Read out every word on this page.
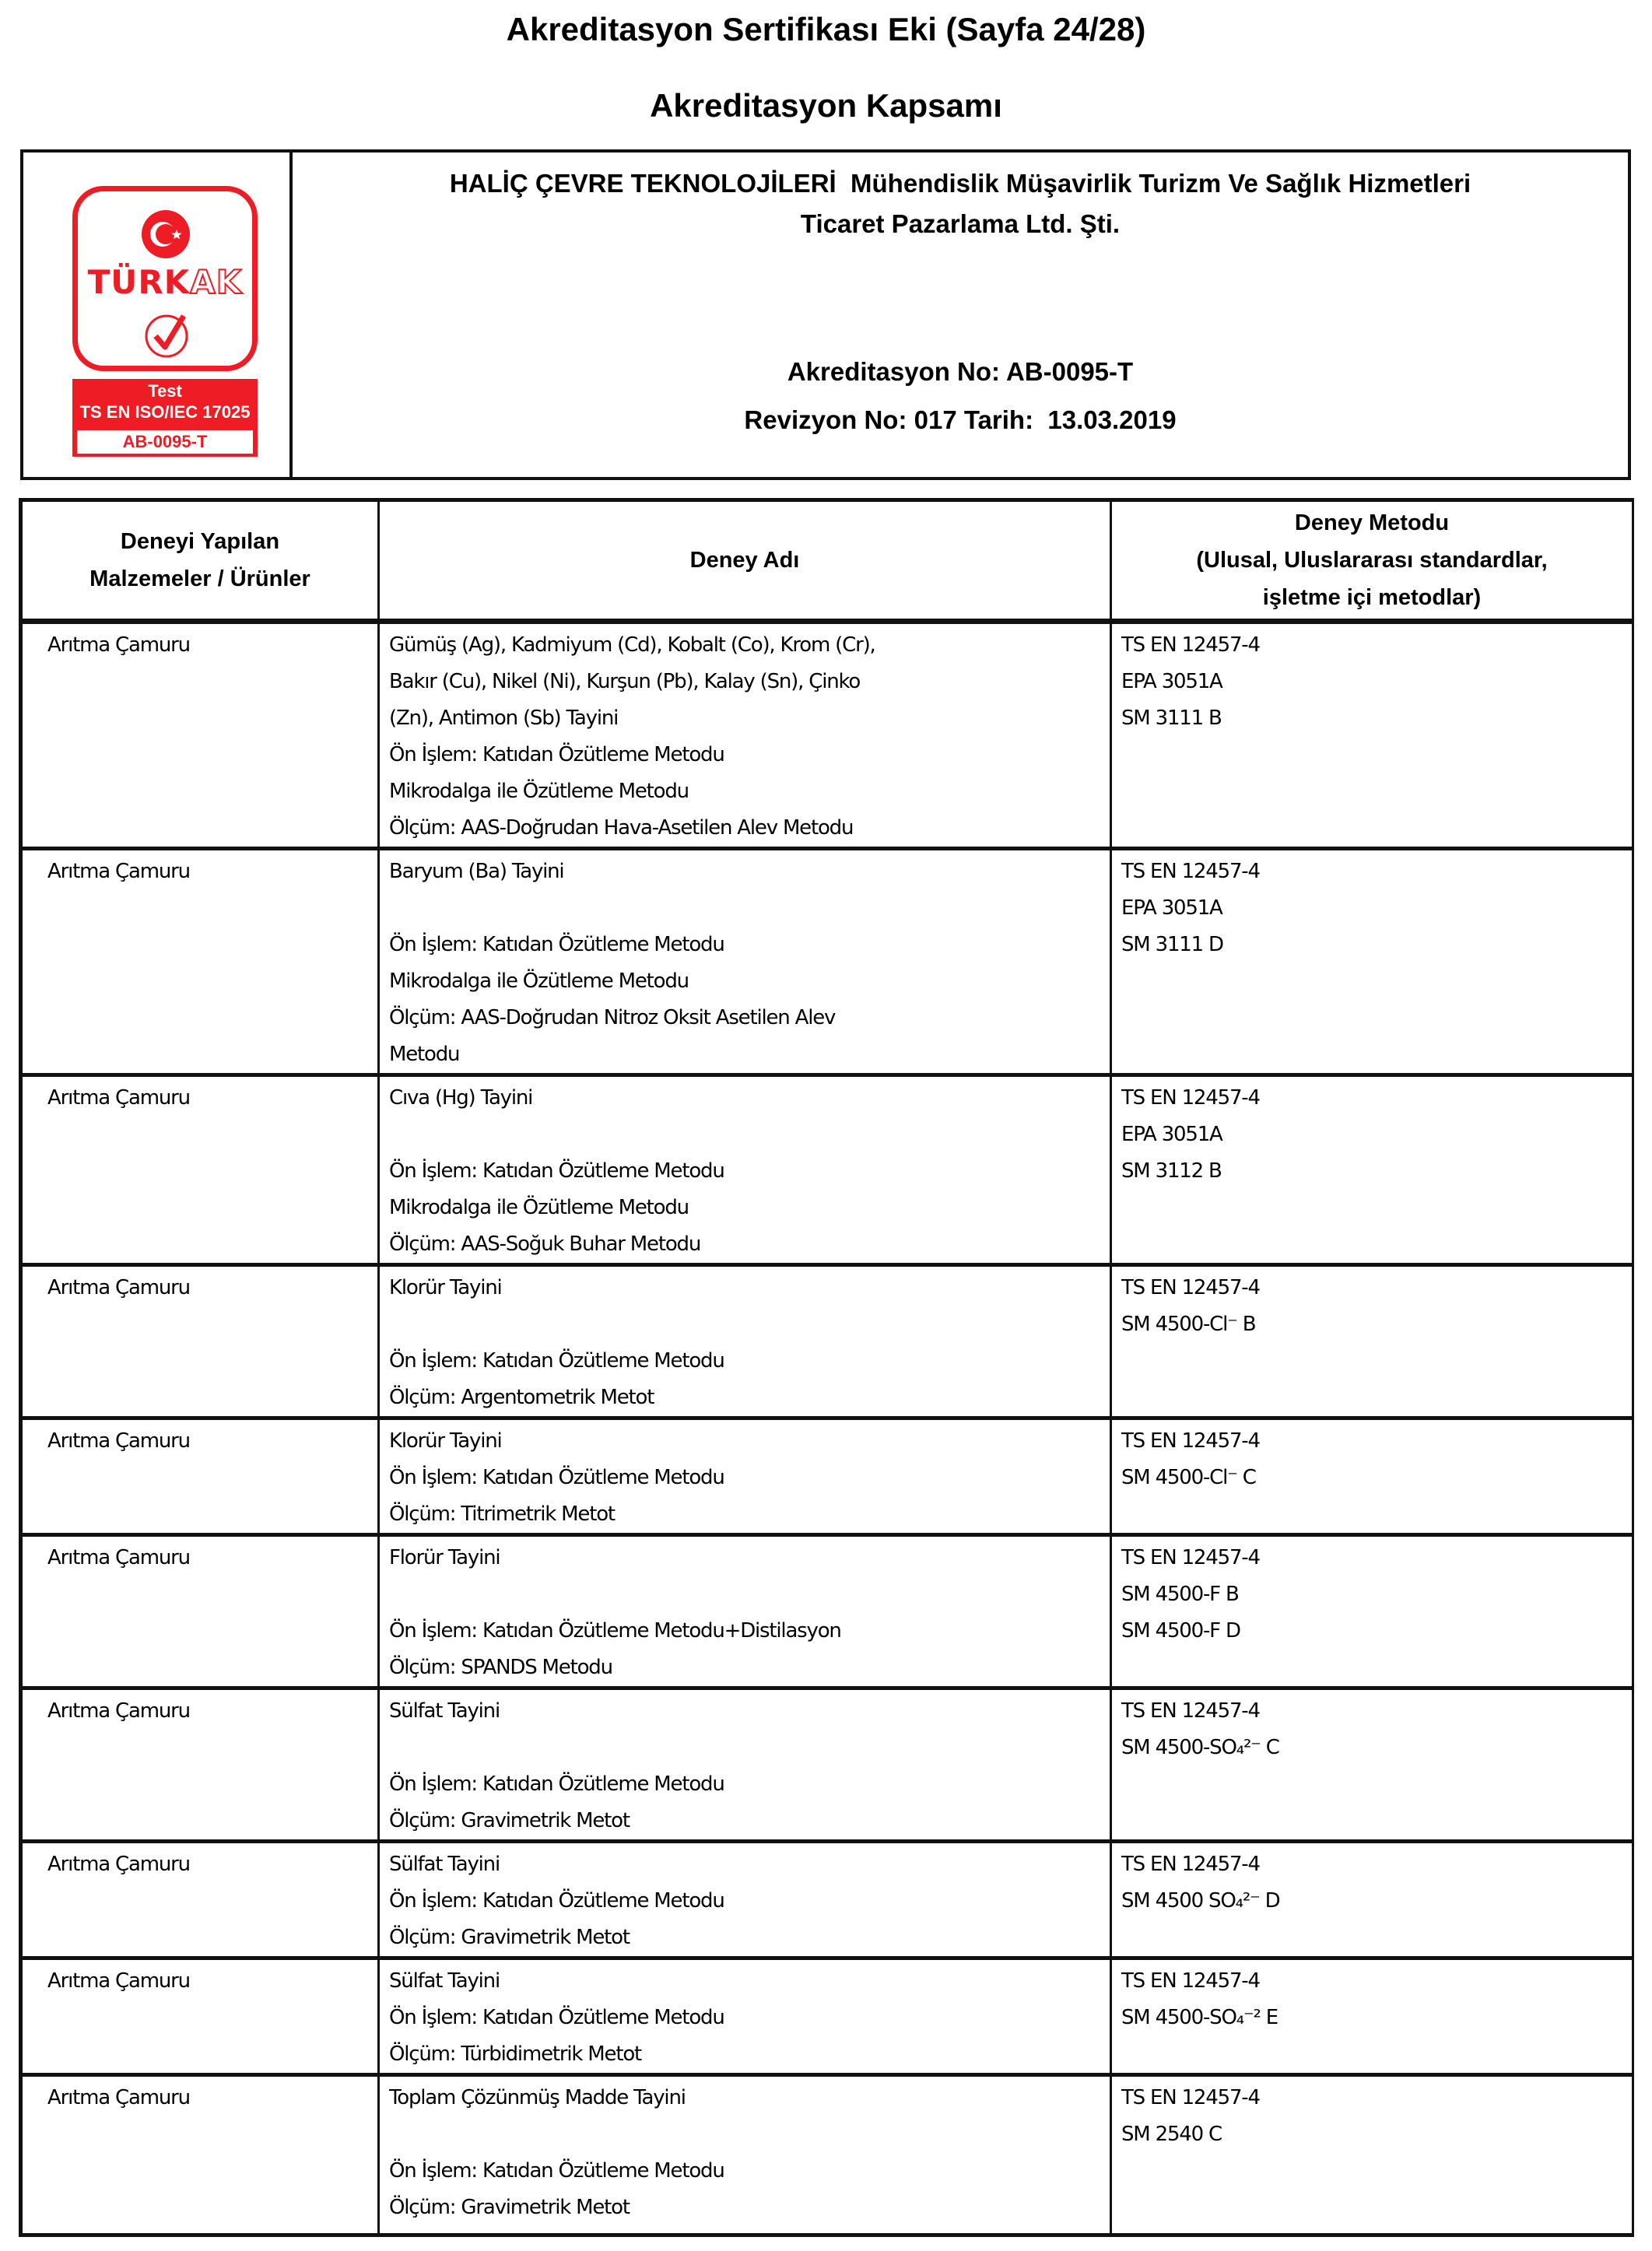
Akreditasyon Sertifikası Eki (Sayfa 24/28)
Akreditasyon Kapsamı
TÜRKAK
Test
TS EN ISO/IEC 17025
AB-0095-T
HALİÇ ÇEVRE TEKNOLOJİLERİ  Mühendislik Müşavirlik Turizm Ve Sağlık Hizmetleri
Ticaret Pazarlama Ltd. Şti.
Akreditasyon No: AB-0095-T
Revizyon No: 017 Tarih:  13.03.2019
Deneyi Yapılan
Malzemeler / Ürünler

Deney Adı

Deney Metodu
(Ulusal, Uluslararası standardlar,
işletme içi metodlar)

Arıtma Çamuru	Gümüş (Ag), Kadmiyum (Cd), Kobalt (Co), Krom (Cr),
Bakır (Cu), Nikel (Ni), Kurşun (Pb), Kalay (Sn), Çinko
(Zn), Antimon (Sb) Tayini
Ön İşlem: Katıdan Özütleme Metodu
Mikrodalga ile Özütleme Metodu
Ölçüm: AAS-Doğrudan Hava-Asetilen Alev Metodu

TS EN 12457-4
EPA 3051A
SM 3111 B

Arıtma Çamuru	Baryum (Ba) Tayini
Ön İşlem: Katıdan Özütleme Metodu
Mikrodalga ile Özütleme Metodu
Ölçüm: AAS-Doğrudan Nitroz Oksit Asetilen Alev
Metodu	TS EN 12457-4
EPA 3051A
SM 3111 D

Arıtma Çamuru	Cıva (Hg) Tayini
Ön İşlem: Katıdan Özütleme Metodu
Mikrodalga ile Özütleme Metodu
Ölçüm: AAS-Soğuk Buhar Metodu	TS EN 12457-4
EPA 3051A
SM 3112 B

Arıtma Çamuru	Klorür Tayini
Ön İşlem: Katıdan Özütleme Metodu
Ölçüm: Argentometrik Metot	TS EN 12457-4
SM 4500-Cl⁻ B

Arıtma Çamuru	Klorür Tayini
Ön İşlem: Katıdan Özütleme Metodu
Ölçüm: Titrimetrik Metot	TS EN 12457-4
SM 4500-Cl⁻ C

Arıtma Çamuru	Florür Tayini
Ön İşlem: Katıdan Özütleme Metodu+Distilasyon
Ölçüm: SPANDS Metodu	TS EN 12457-4
SM 4500-F B
SM 4500-F D

Arıtma Çamuru	Sülfat Tayini
Ön İşlem: Katıdan Özütleme Metodu
Ölçüm: Gravimetrik Metot	TS EN 12457-4
SM 4500-SO₄²⁻ C

Arıtma Çamuru	Sülfat Tayini
Ön İşlem: Katıdan Özütleme Metodu
Ölçüm: Gravimetrik Metot	TS EN 12457-4
SM 4500 SO₄²⁻ D

Arıtma Çamuru	Sülfat Tayini
Ön İşlem: Katıdan Özütleme Metodu
Ölçüm: Türbidimetrik Metot	TS EN 12457-4
SM 4500-SO₄⁻² E

Arıtma Çamuru	Toplam Çözünmüş Madde Tayini
Ön İşlem: Katıdan Özütleme Metodu
Ölçüm: Gravimetrik Metot	TS EN 12457-4
SM 2540 C
